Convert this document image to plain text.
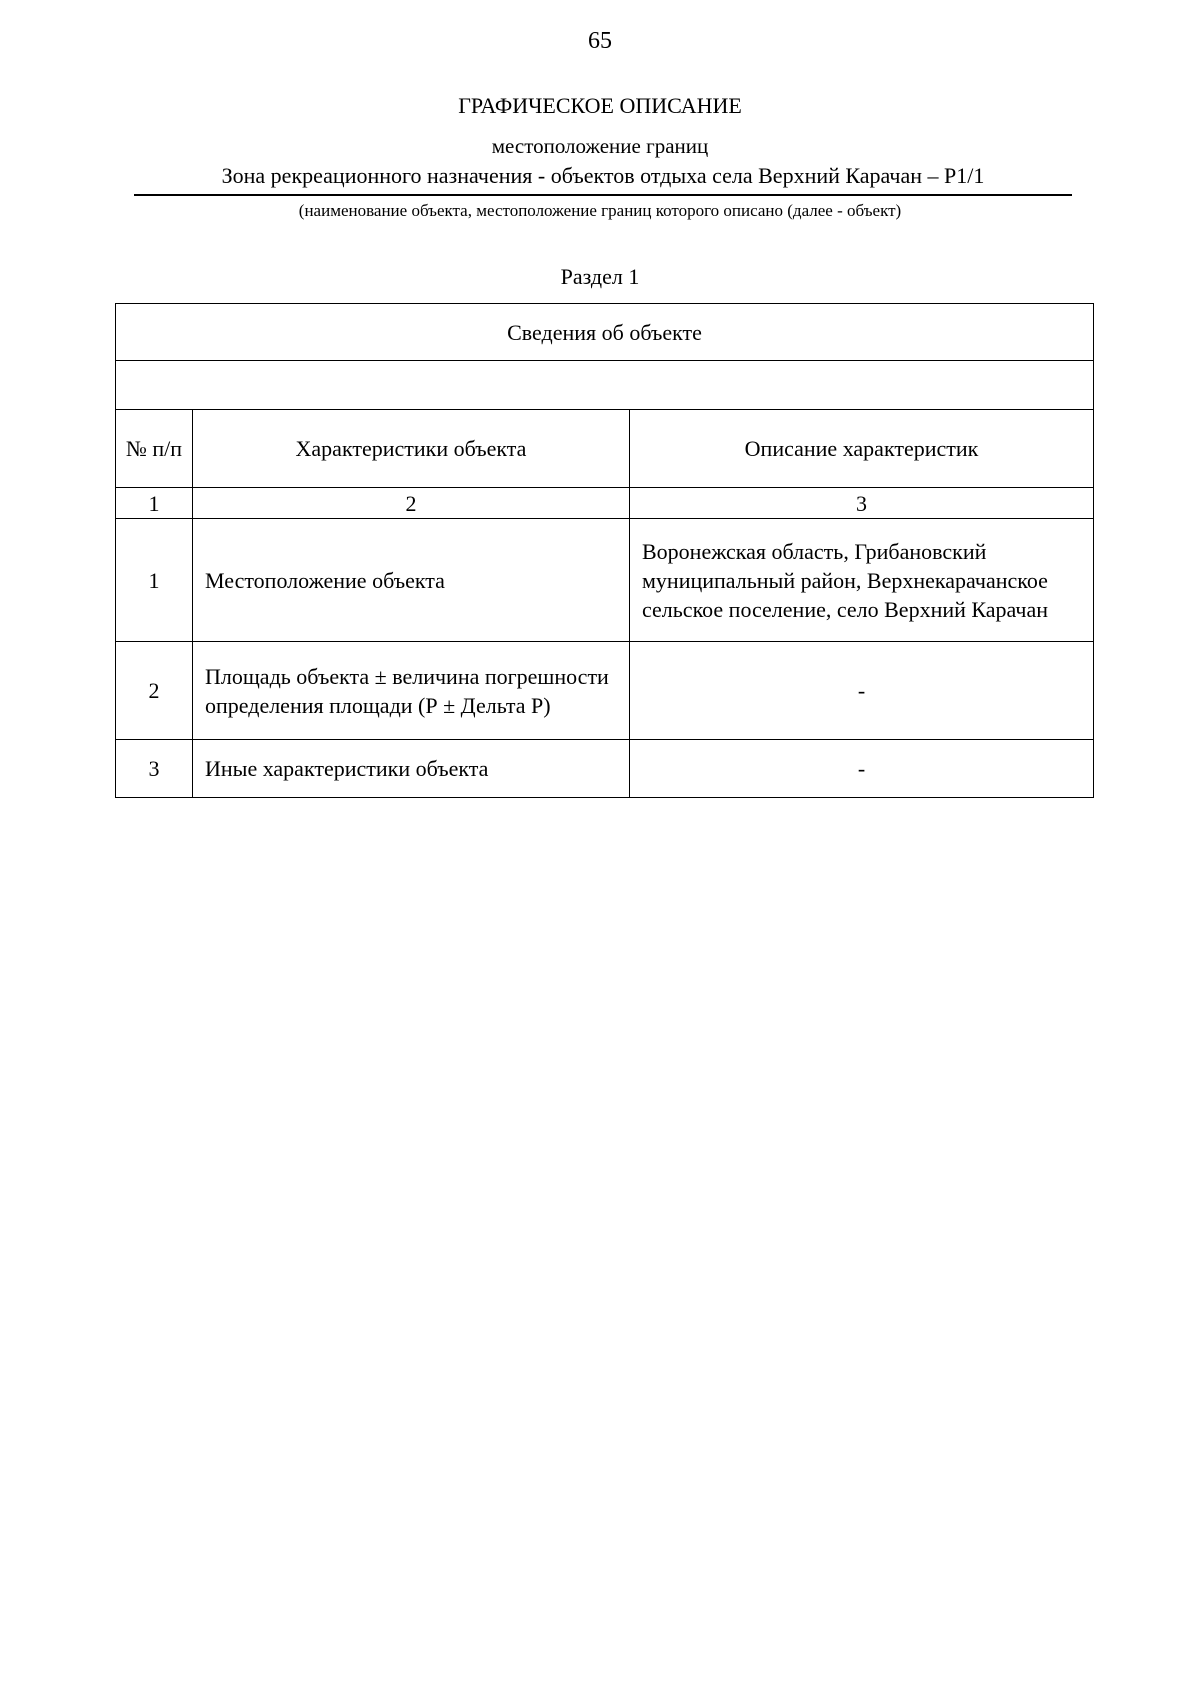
65
ГРАФИЧЕСКОЕ ОПИСАНИЕ
местоположение границ
Зона рекреационного назначения - объектов отдыха села Верхний Карачан – Р1/1
(наименование объекта, местоположение границ которого описано (далее - объект)
Раздел 1
Сведения об объекте		

№ п/п	Характеристики объекта	Описание характеристик
1	2	3
1	Местоположение объекта	Воронежская область, Грибановский муниципальный район, Верхнекарачанское сельское поселение, село Верхний Карачан
2	Площадь объекта ± величина погрешности определения площади (Р ± Дельта Р)	-
3	Иные характеристики объекта	-
